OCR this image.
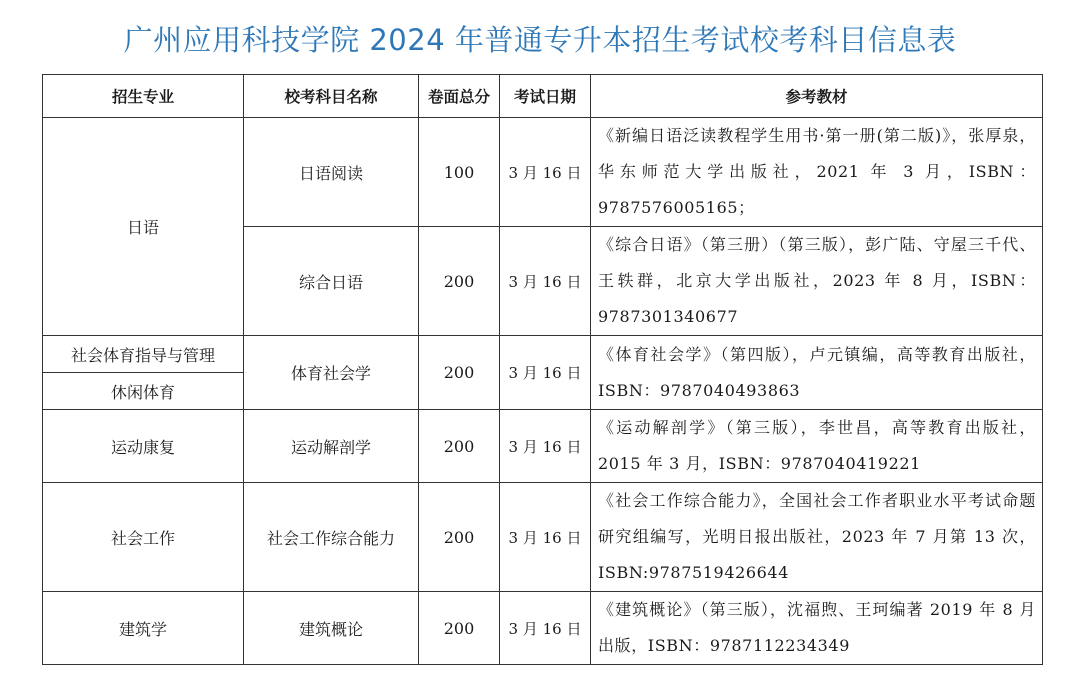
广州应用科技学院 2024 年普通专升本招生考试校考科目信息表
招生专业	校考科目名称	卷面总分	考试日期	参考教材
日语	日语阅读	100	3 月 16 日	《新编日语泛读教程学生用书·第一册(第二版)》，张厚泉，华东师范大学出版社，2021 年 3 月，ISBN：9787576005165；
	综合日语	200	3 月 16 日	《综合日语》（第三册）（第三版），彭广陆、守屋三千代、王轶群，北京大学出版社，2023 年 8 月，ISBN：9787301340677
社会体育指导与管理	体育社会学	200	3 月 16 日	《体育社会学》（第四版），卢元镇编，高等教育出版社，ISBN：9787040493863
休闲体育				
运动康复	运动解剖学	200	3 月 16 日	《运动解剖学》（第三版），李世昌，高等教育出版社，2015 年 3 月，ISBN：9787040419221
社会工作	社会工作综合能力	200	3 月 16 日	《社会工作综合能力》，全国社会工作者职业水平考试命题研究组编写，光明日报出版社，2023 年 7 月第 13 次，ISBN:9787519426644
建筑学	建筑概论	200	3 月 16 日	《建筑概论》（第三版），沈福煦、王珂编著 2019 年 8 月出版，ISBN：9787112234349
